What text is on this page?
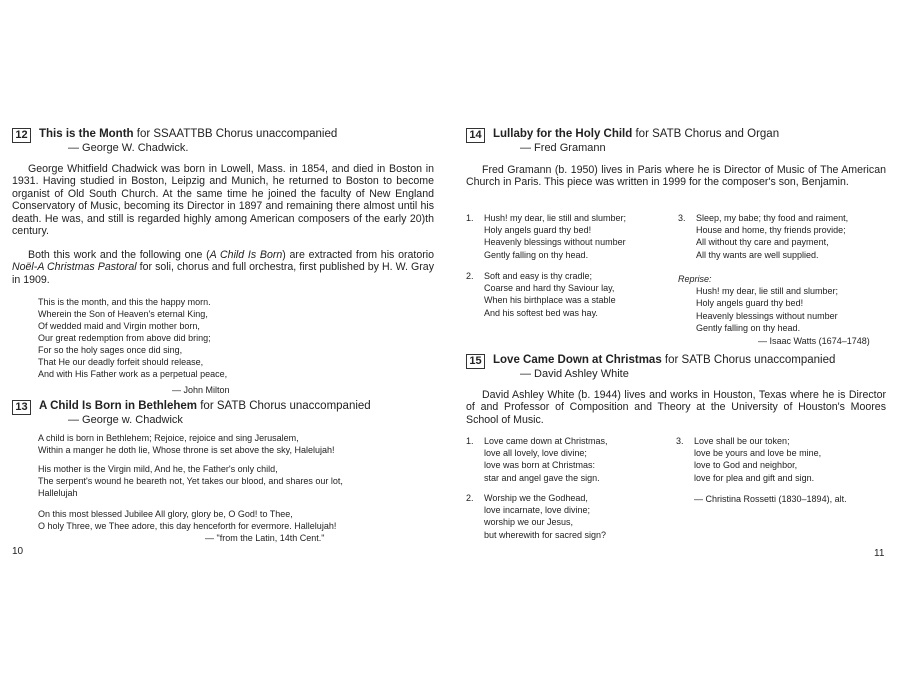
12 This is the Month for SSAATTBB Chorus unaccompanied
— George W. Chadwick.
George Whitfield Chadwick was born in Lowell, Mass. in 1854, and died in Boston in 1931. Having studied in Boston, Leipzig and Munich, he returned to Boston to become organist of Old South Church. At the same time he joined the faculty of New England Conservatory of Music, becoming its Director in 1897 and remaining there almost until his death. He was, and still is regarded highly among American composers of the early 20)th century.
Both this work and the following one (A Child Is Born) are extracted from his oratorio Noël-A Christmas Pastoral for soli, chorus and full orchestra, first published by H. W. Gray in 1909.
This is the month, and this the happy morn.
Wherein the Son of Heaven's eternal King,
Of wedded maid and Virgin mother born,
Our great redemption from above did bring;
For so the holy sages once did sing,
That He our deadly forfeit should release,
And with His Father work as a perpetual peace,
— John Milton
13 A Child Is Born in Bethlehem for SATB Chorus unaccompanied
— George w. Chadwick
A child is born in Bethlehem; Rejoice, rejoice and sing Jerusalem,
Within a manger he doth lie, Whose throne is set above the sky, Halelujah!
His mother is the Virgin mild, And he, the Father's only child,
The serpent's wound he beareth not, Yet takes our blood, and shares our lot,
Hallelujah
On this most blessed Jubilee All glory, glory be, O God! to Thee,
O holy Three, we Thee adore, this day henceforth for evermore. Hallelujah!
— "from the Latin, 14th Cent."
10
14 Lullaby for the Holy Child for SATB Chorus and Organ
— Fred Gramann
Fred Gramann (b. 1950) lives in Paris where he is Director of Music of The American Church in Paris. This piece was written in 1999 for the composer's son, Benjamin.
1. Hush! my dear, lie still and slumber;
Holy angels guard thy bed!
Heavenly blessings without number
Gently falling on thy head.
2. Soft and easy is thy cradle;
Coarse and hard thy Saviour lay,
When his birthplace was a stable
And his softest bed was hay.
3. Sleep, my babe; thy food and raiment,
House and home, thy friends provide;
All without thy care and payment,
All thy wants are well supplied.
Reprise:
Hush! my dear, lie still and slumber;
Holy angels guard thy bed!
Heavenly blessings without number
Gently falling on thy head.
— Isaac Watts (1674–1748)
15 Love Came Down at Christmas for SATB Chorus unaccompanied
— David Ashley White
David Ashley White (b. 1944) lives and works in Houston, Texas where he is Director of and Professor of Composition and Theory at the University of Houston's Moores School of Music.
1. Love came down at Christmas,
love all lovely, love divine;
love was born at Christmas:
star and angel gave the sign.
2. Worship we the Godhead,
love incarnate, love divine;
worship we our Jesus,
but wherewith for sacred sign?
3. Love shall be our token;
love be yours and love be mine,
love to God and neighbor,
love for plea and gift and sign.
— Christina Rossetti (1830–1894), alt.
11
